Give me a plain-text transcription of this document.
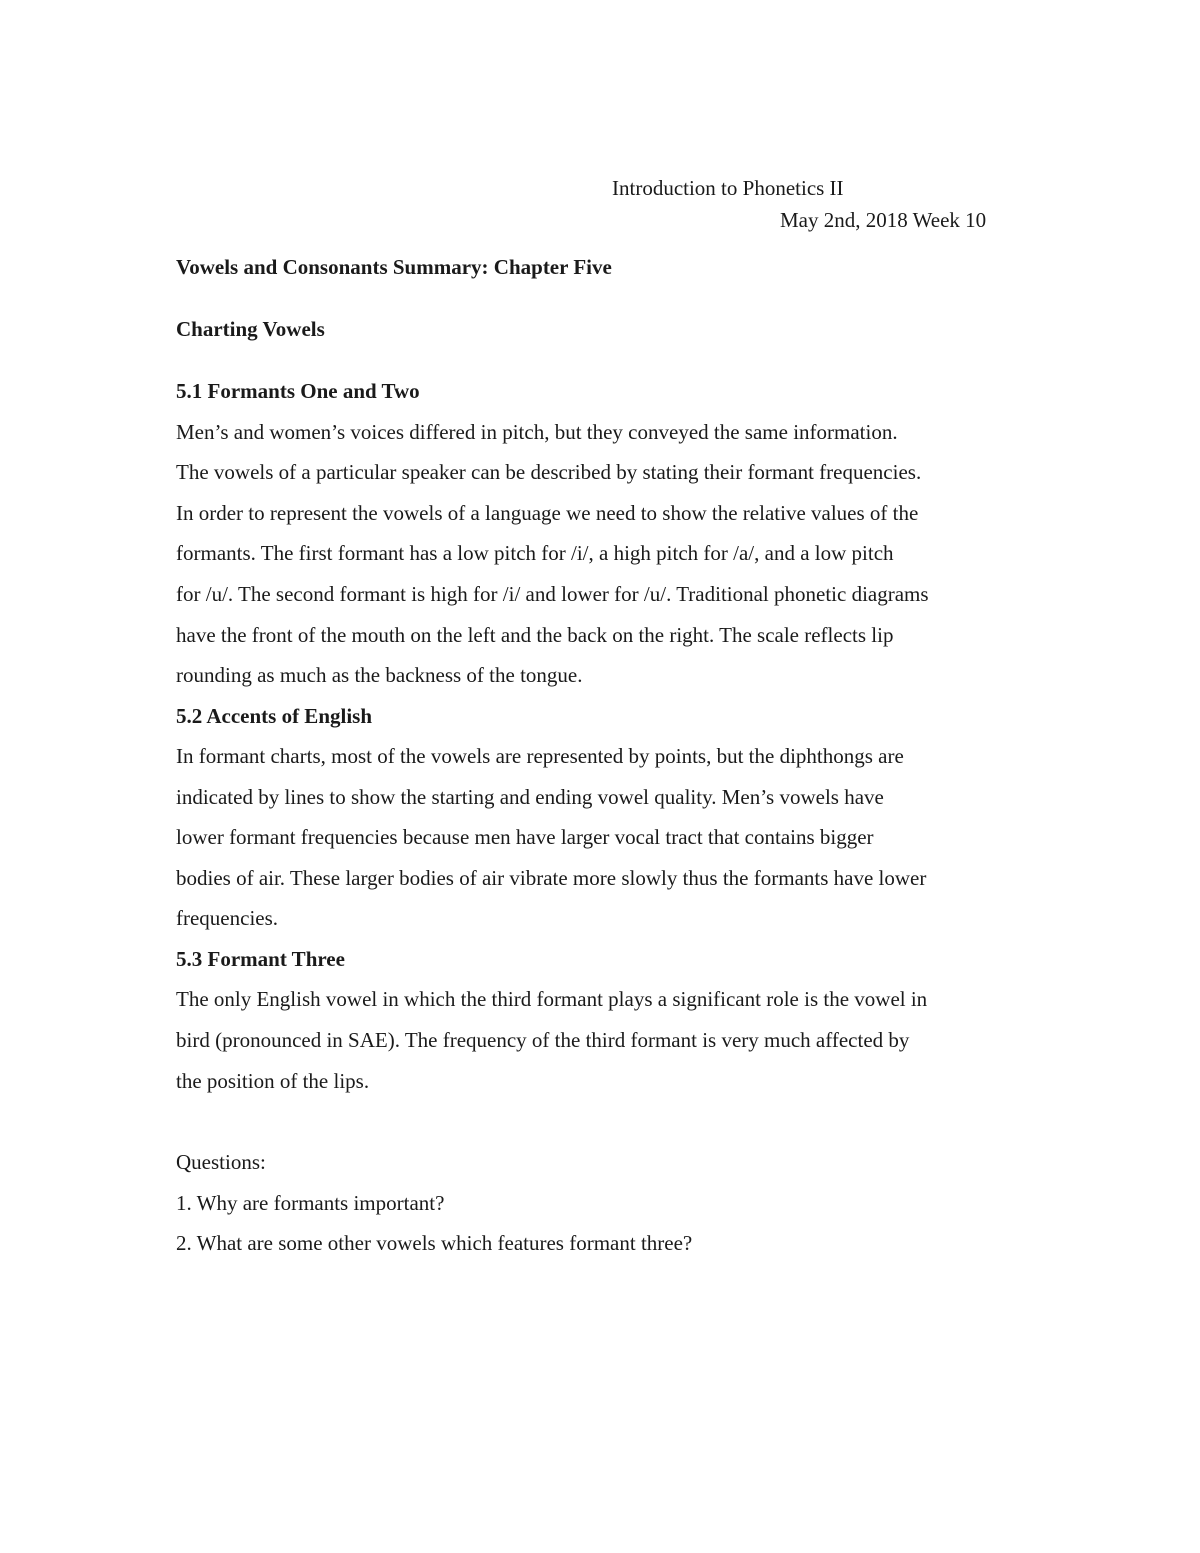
Introduction to Phonetics II
May 2nd, 2018 Week 10
Vowels and Consonants Summary: Chapter Five
Charting Vowels
5.1 Formants One and Two
Men’s and women’s voices differed in pitch, but they conveyed the same information.
The vowels of a particular speaker can be described by stating their formant frequencies.
In order to represent the vowels of a language we need to show the relative values of the
formants. The first formant has a low pitch for /i/, a high pitch for /a/, and a low pitch
for /u/. The second formant is high for /i/ and lower for /u/. Traditional phonetic diagrams
have the front of the mouth on the left and the back on the right. The scale reflects lip
rounding as much as the backness of the tongue.
5.2 Accents of English
In formant charts, most of the vowels are represented by points, but the diphthongs are
indicated by lines to show the starting and ending vowel quality. Men’s vowels have
lower formant frequencies because men have larger vocal tract that contains bigger
bodies of air. These larger bodies of air vibrate more slowly thus the formants have lower
frequencies.
5.3 Formant Three
The only English vowel in which the third formant plays a significant role is the vowel in
bird (pronounced in SAE). The frequency of the third formant is very much affected by
the position of the lips.
Questions:
1. Why are formants important?
2. What are some other vowels which features formant three?
